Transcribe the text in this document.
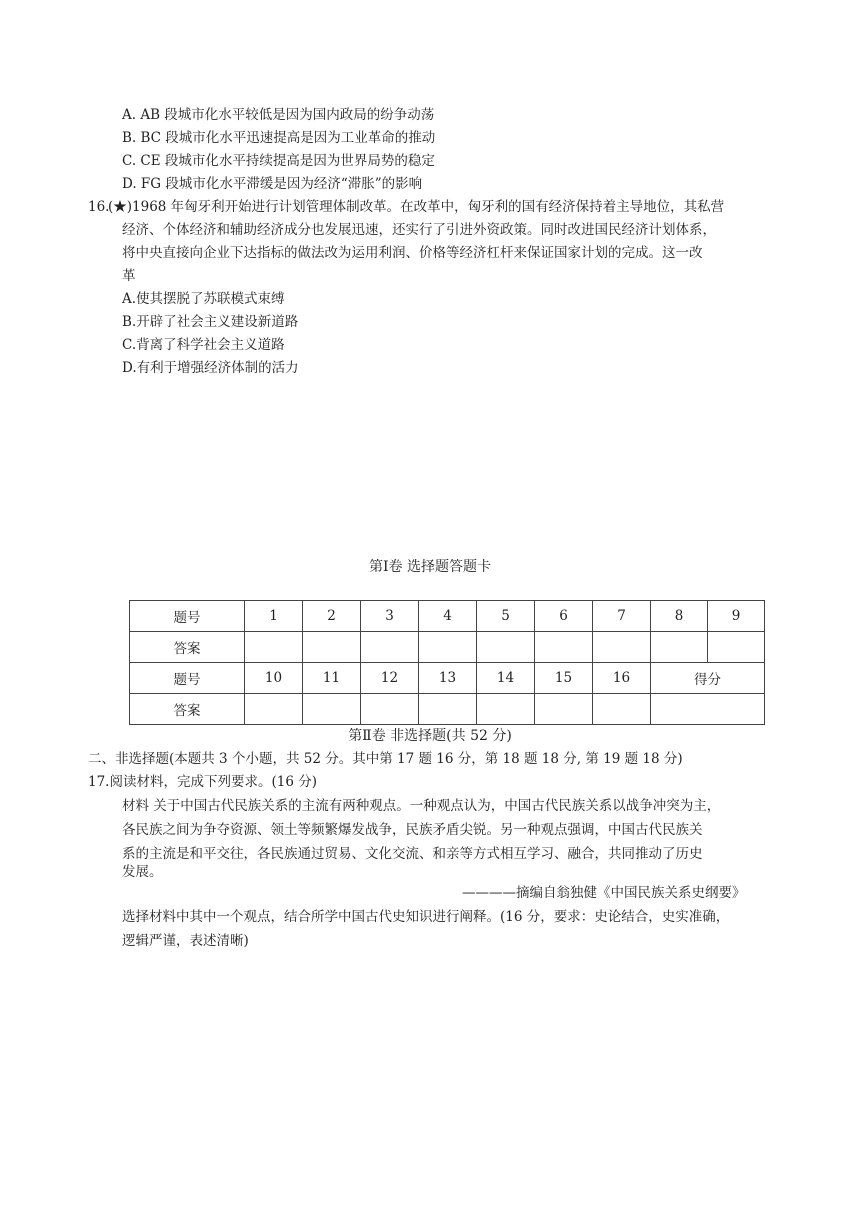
A. AB 段城市化水平较低是因为国内政局的纷争动荡
B. BC 段城市化水平迅速提高是因为工业革命的推动
C. CE 段城市化水平持续提高是因为世界局势的稳定
D. FG 段城市化水平滞缓是因为经济“滞胀”的影响
16.
(★)1968 年匈牙利开始进行计划管理体制改革。在改革中，匈牙利的国有经济保持着主导地位，其私营
经济、个体经济和辅助经济成分也发展迅速，还实行了引进外资政策。同时改进国民经济计划体系，
将中央直接向企业下达指标的做法改为运用利润、价格等经济杠杆来保证国家计划的完成。这一改
革
A.使其摆脱了苏联模式束缚
B.开辟了社会主义建设新道路
C.背离了科学社会主义道路
D.有利于增强经济体制的活力
第Ⅰ卷 选择题答题卡
题号	1	2	3	4	5	6	7	8	9
答案									
题号	10	11	12	13	14	15	16	得分	
答案									
第Ⅱ卷 非选择题(共 52 分)
二、非选择题(本题共 3 个小题，共 52 分。其中第 17 题 16 分，第 18 题 18 分, 第 19 题 18 分)
17.阅读材料，完成下列要求。(16 分)
材料 关于中国古代民族关系的主流有两种观点。一种观点认为，中国古代民族关系以战争冲突为主，
各民族之间为争夺资源、领土等频繁爆发战争，民族矛盾尖锐。另一种观点强调，中国古代民族关
系的主流是和平交往，各民族通过贸易、文化交流、和亲等方式相互学习、融合，共同推动了历史
发展。
————摘编自翁独健《中国民族关系史纲要》
选择材料中其中一个观点，结合所学中国古代史知识进行阐释。(16 分，要求：史论结合，史实准确，
逻辑严谨，表述清晰)
